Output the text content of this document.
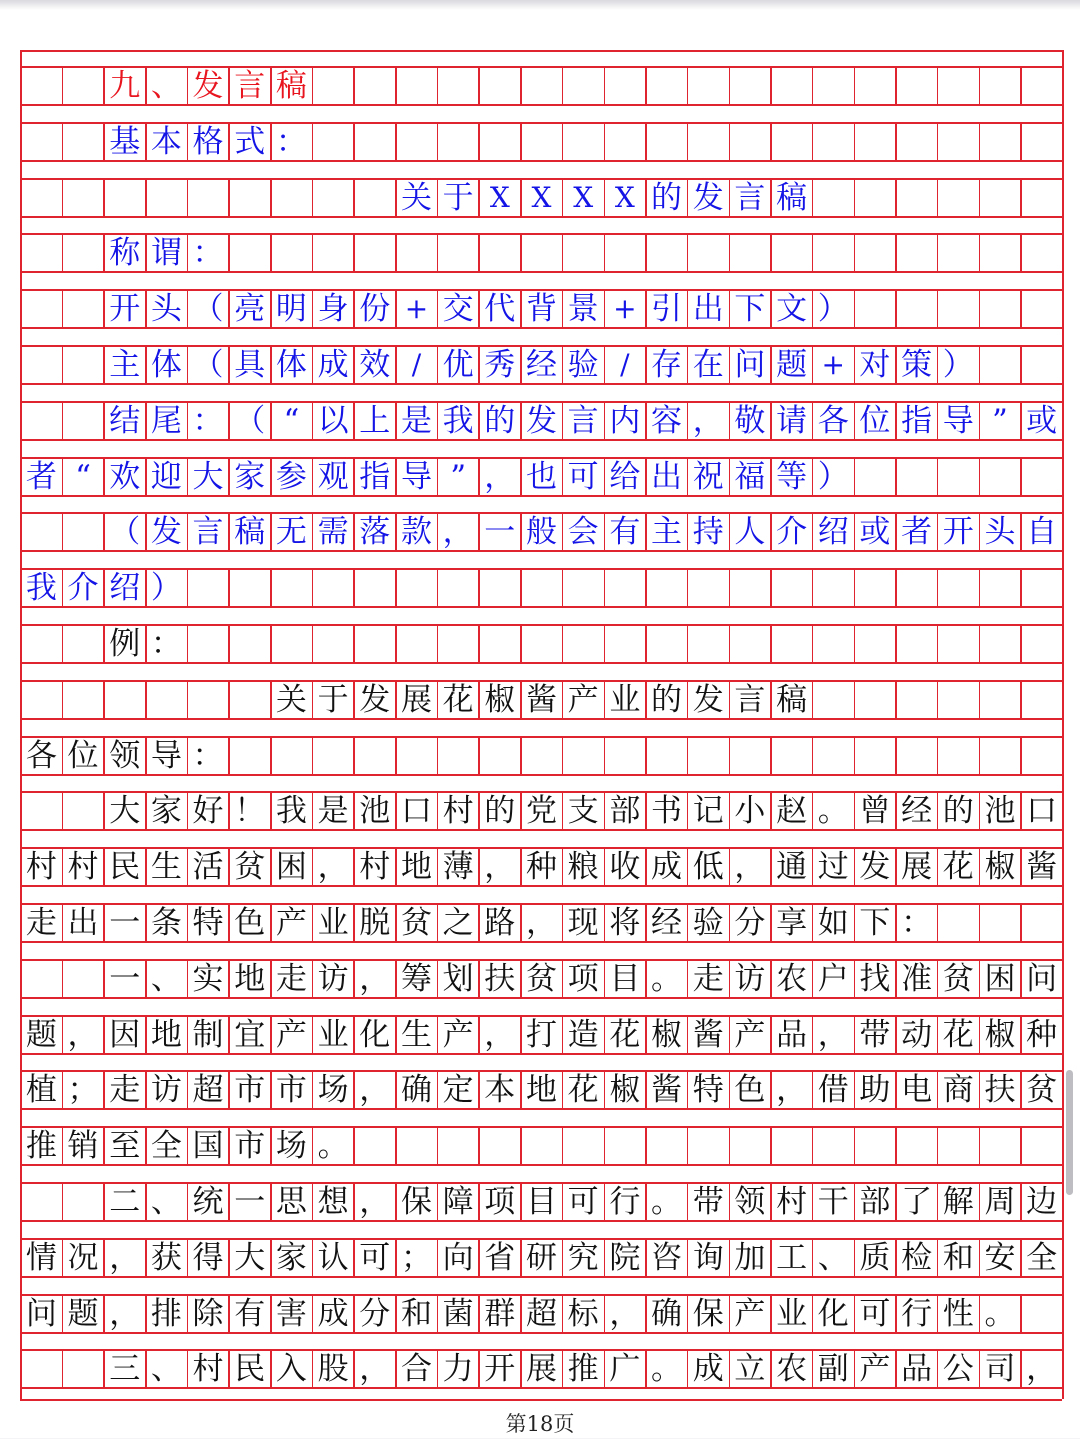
九 、 发 言 稿
基 本 格 式 ：
关 于 X X X X 的 发 言 稿
称 谓 ：
开 头 （ 亮 明 身 份 + 交 代 背 景 + 引 出 下 文 ）
主 体 （ 具 体 成 效 / 优 秀 经 验 / 存 在 问 题 + 对 策 ）
结 尾 ： （ “ 以 上 是 我 的 发 言 内 容 ， 敬 请 各 位 指 导 ” 或
者 “ 欢 迎 大 家 参 观 指 导 ” ， 也 可 给 出 祝 福 等 ）
（ 发 言 稿 无 需 落 款 ， 一 般 会 有 主 持 人 介 绍 或 者 开 头 自
我 介 绍 ）
例 ：
关 于 发 展 花 椒 酱 产 业 的 发 言 稿
各 位 领 导 ：
大 家 好 ！ 我 是 池 口 村 的 党 支 部 书 记 小 赵 。 曾 经 的 池 口
村 村 民 生 活 贫 困 ， 村 地 薄 ， 种 粮 收 成 低 ， 通 过 发 展 花 椒 酱
走 出 一 条 特 色 产 业 脱 贫 之 路 ， 现 将 经 验 分 享 如 下 ：
一 、 实 地 走 访 ， 筹 划 扶 贫 项 目 。 走 访 农 户 找 准 贫 困 问
题 ， 因 地 制 宜 产 业 化 生 产 ， 打 造 花 椒 酱 产 品 ， 带 动 花 椒 种
植 ； 走 访 超 市 市 场 ， 确 定 本 地 花 椒 酱 特 色 ， 借 助 电 商 扶 贫
推 销 至 全 国 市 场 。
二 、 统 一 思 想 ， 保 障 项 目 可 行 。 带 领 村 干 部 了 解 周 边
情 况 ， 获 得 大 家 认 可 ； 向 省 研 究 院 咨 询 加 工 、 质 检 和 安 全
问 题 ， 排 除 有 害 成 分 和 菌 群 超 标 ， 确 保 产 业 化 可 行 性 。
三 、 村 民 入 股 ， 合 力 开 展 推 广 。 成 立 农 副 产 品 公 司 ，
第18页
